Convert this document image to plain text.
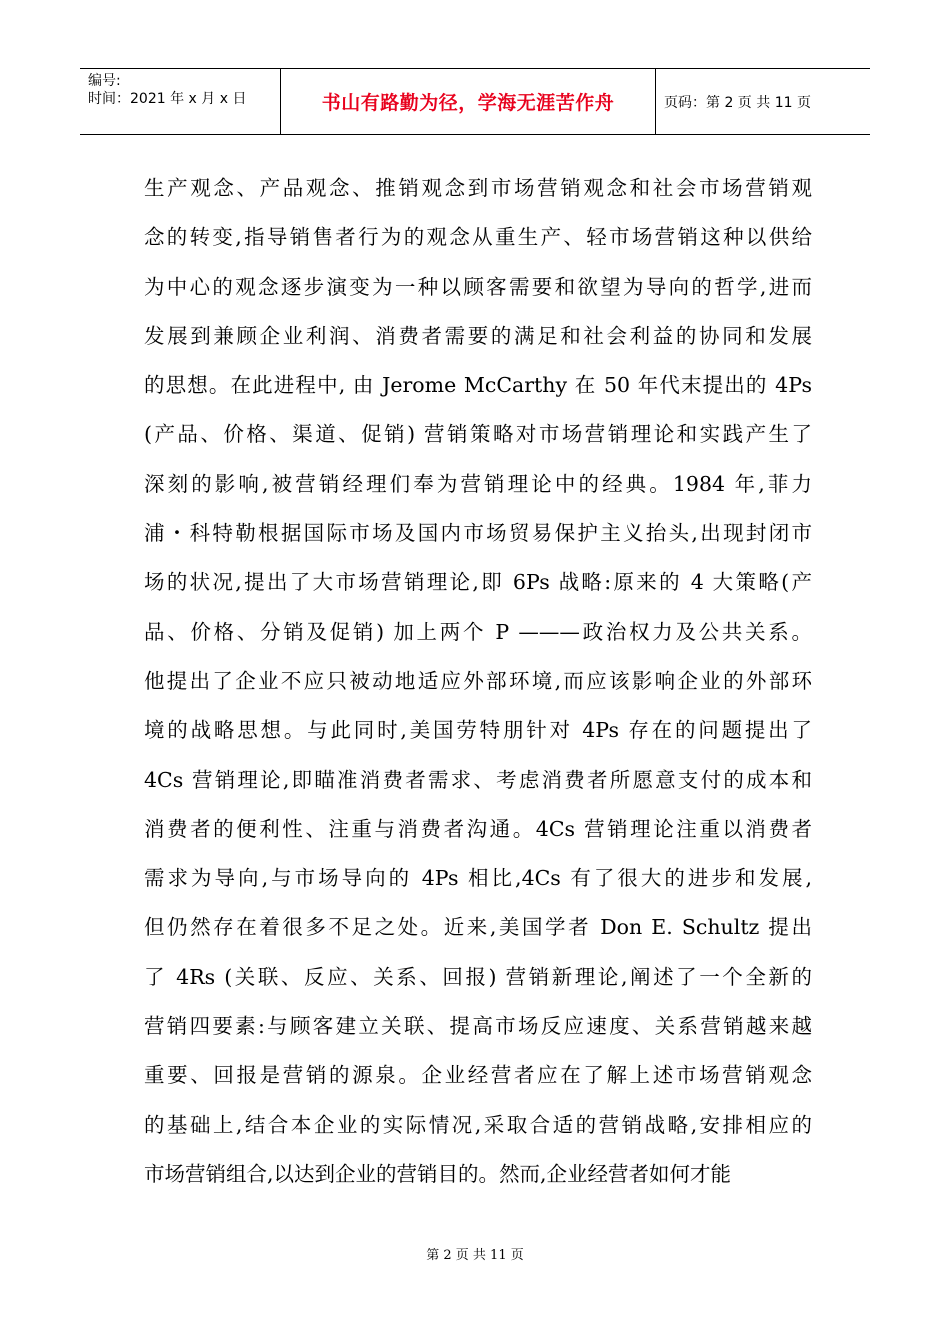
编号:
时间：2021 年 x 月 x 日	书山有路勤为径，学海无涯苦作舟	页码：第 2 页 共 11 页
生产观念、产品观念、推销观念到市场营销观念和社会市场营销观
念的转变,指导销售者行为的观念从重生产、轻市场营销这种以供给
为中心的观念逐步演变为一种以顾客需要和欲望为导向的哲学,进而
发展到兼顾企业利润、消费者需要的满足和社会利益的协同和发展
的思想。在此进程中, 由 Jerome McCarthy 在 50 年代末提出的 4Ps
(产品、价格、渠道、促销) 营销策略对市场营销理论和实践产生了
深刻的影响,被营销经理们奉为营销理论中的经典。1984 年,菲力
浦・科特勒根据国际市场及国内市场贸易保护主义抬头,出现封闭市
场的状况,提出了大市场营销理论,即 6Ps 战略:原来的 4 大策略(产
品、价格、分销及促销) 加上两个 P ———政治权力及公共关系。
他提出了企业不应只被动地适应外部环境,而应该影响企业的外部环
境的战略思想。与此同时,美国劳特朋针对 4Ps 存在的问题提出了
4Cs 营销理论,即瞄准消费者需求、考虑消费者所愿意支付的成本和
消费者的便利性、注重与消费者沟通。4Cs 营销理论注重以消费者
需求为导向,与市场导向的 4Ps 相比,4Cs 有了很大的进步和发展,
但仍然存在着很多不足之处。近来,美国学者 Don E. Schultz 提出
了 4Rs (关联、反应、关系、回报) 营销新理论,阐述了一个全新的
营销四要素:与顾客建立关联、提高市场反应速度、关系营销越来越
重要、回报是营销的源泉。企业经营者应在了解上述市场营销观念
的基础上,结合本企业的实际情况,采取合适的营销战略,安排相应的
市场营销组合,以达到企业的营销目的。然而,企业经营者如何才能
第 2 页 共 11 页
